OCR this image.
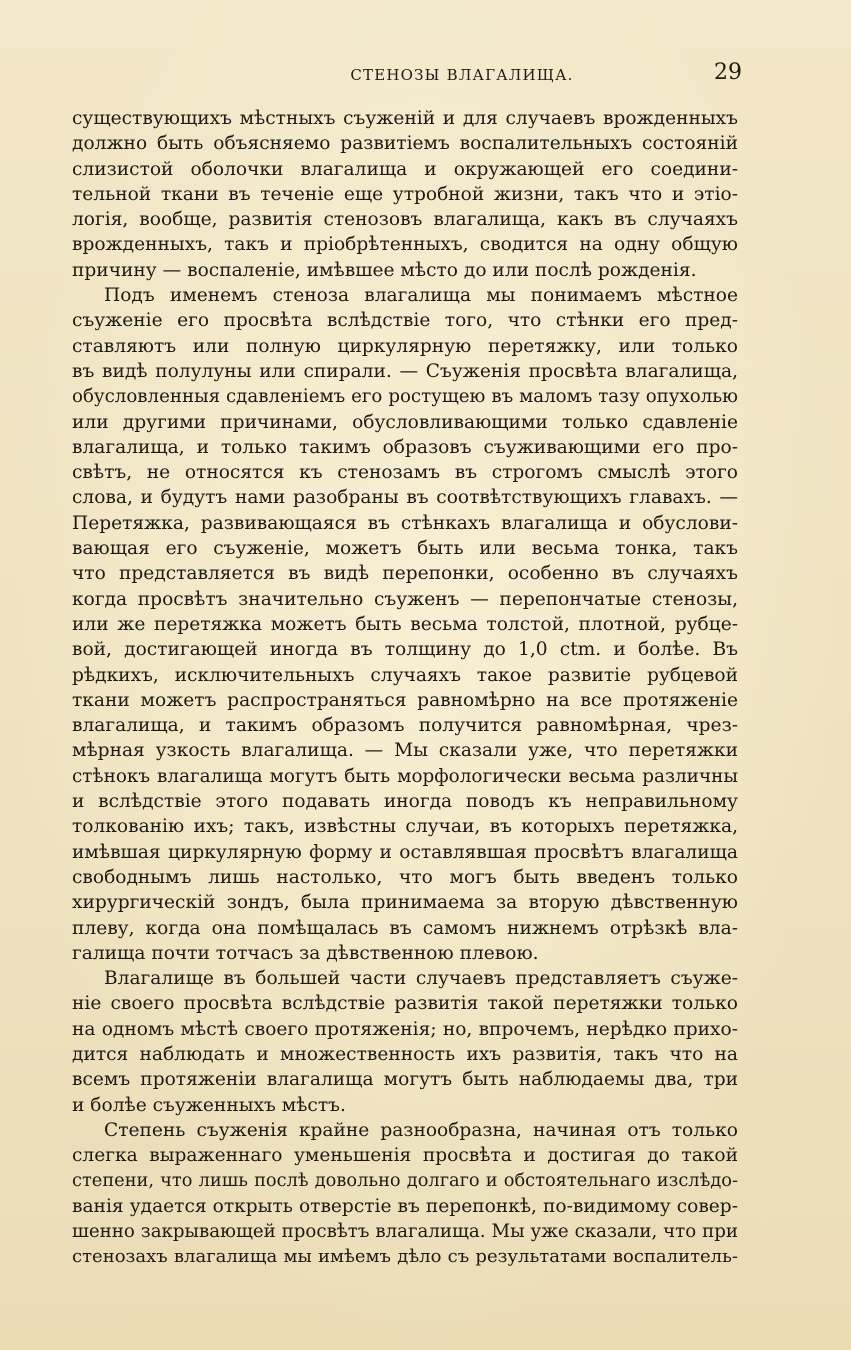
СТЕНОЗЫ ВЛАГАЛИЩА.	29
существующихъ мѣстныхъ съуженій и для случаевъ врожденныхъ
должно быть объясняемо развитіемъ воспалительныхъ состояній
слизистой оболочки влагалища и окружающей его соедини-
тельной ткани въ теченіе еще утробной жизни, такъ что и этіо-
логія, вообще, развитія стенозовъ влагалища, какъ въ случаяхъ
врожденныхъ, такъ и пріобрѣтенныхъ, сводится на одну общую
причину — воспаленіе, имѣвшее мѣсто до или послѣ рожденія.
Подъ именемъ стеноза влагалища мы понимаемъ мѣстное
съуженіе его просвѣта вслѣдствіе того, что стѣнки его пред-
ставляютъ или полную циркулярную перетяжку, или только
въ видѣ полулуны или спирали. — Съуженія просвѣта влагалища,
обусловленныя сдавленіемъ его ростущею въ маломъ тазу опухолью
или другими причинами, обусловливающими только сдавленіе
влагалища, и только такимъ образовъ съуживающими его про-
свѣтъ, не относятся къ стенозамъ въ строгомъ смыслѣ этого
слова, и будутъ нами разобраны въ соотвѣтствующихъ главахъ. —
Перетяжка, развивающаяся въ стѣнкахъ влагалища и обуслови-
вающая его съуженіе, можетъ быть или весьма тонка, такъ
что представляется въ видѣ перепонки, особенно въ случаяхъ
когда просвѣтъ значительно съуженъ — перепончатые стенозы,
или же перетяжка можетъ быть весьма толстой, плотной, рубце-
вой, достигающей иногда въ толщину до 1,0 ctm. и болѣе. Въ
рѣдкихъ, исключительныхъ случаяхъ такое развитіе рубцевой
ткани можетъ распространяться равномѣрно на все протяженіе
влагалища, и такимъ образомъ получится равномѣрная, чрез-
мѣрная узкость влагалища. — Мы сказали уже, что перетяжки
стѣнокъ влагалища могутъ быть морфологически весьма различны
и вслѣдствіе этого подавать иногда поводъ къ неправильному
толкованію ихъ; такъ, извѣстны случаи, въ которыхъ перетяжка,
имѣвшая циркулярную форму и оставлявшая просвѣтъ влагалища
свободнымъ лишь настолько, что могъ быть введенъ только
хирургическій зондъ, была принимаема за вторую дѣвственную
плеву, когда она помѣщалась въ самомъ нижнемъ отрѣзкѣ вла-
галища почти тотчасъ за дѣвственною плевою.
Влагалище въ большей части случаевъ представляетъ съуже-
ніе своего просвѣта вслѣдствіе развитія такой перетяжки только
на одномъ мѣстѣ своего протяженія; но, впрочемъ, нерѣдко прихо-
дится наблюдать и множественность ихъ развитія, такъ что на
всемъ протяженіи влагалища могутъ быть наблюдаемы два, три
и болѣе съуженныхъ мѣстъ.
Степень съуженія крайне разнообразна, начиная отъ только
слегка выраженнаго уменьшенія просвѣта и достигая до такой
степени, что лишь послѣ довольно долгаго и обстоятельнаго изслѣдо-
ванія удается открыть отверстіе въ перепонкѣ, по-видимому совер-
шенно закрывающей просвѣтъ влагалища. Мы уже сказали, что при
стенозахъ влагалища мы имѣемъ дѣло съ результатами воспалитель-
